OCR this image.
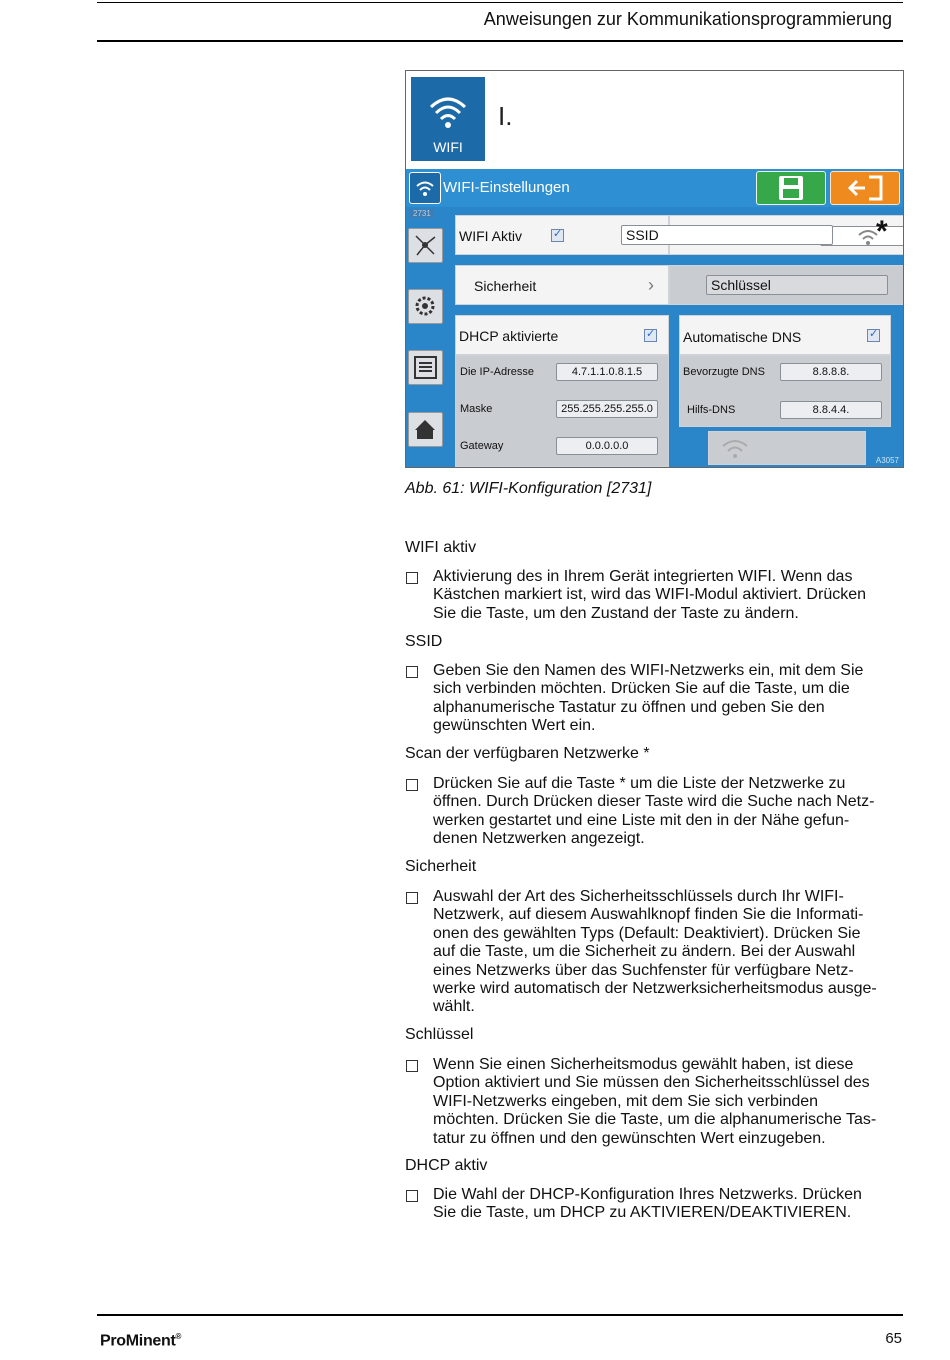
Anweisungen zur Kommunikationsprogrammierung
WIFI
I.
WIFI-Einstellungen
2731
WIFI Aktiv ✓	SSID	*
Sicherheit	›	Schlüssel
DHCP aktivierte ✓	Automatische DNS
✓
Die IP-Adresse	4.7.1.1.0.8.1.5
Maske	255.255.255.255.0
Gateway	0.0.0.0.0
Bevorzugte DNS	8.8.8.8.
Hilfs-DNS	8.8.4.4.
A3057
Abb. 61: WIFI-Konfiguration [2731]
WIFI aktiv
Aktivierung des in Ihrem Gerät integrierten WIFI. Wenn das
Kästchen markiert ist, wird das WIFI-Modul aktiviert. Drücken
Sie die Taste, um den Zustand der Taste zu ändern.
SSID
Geben Sie den Namen des WIFI-Netzwerks ein, mit dem Sie
sich verbinden möchten. Drücken Sie auf die Taste, um die
alphanumerische Tastatur zu öffnen und geben Sie den
gewünschten Wert ein.
Scan der verfügbaren Netzwerke *
Drücken Sie auf die Taste * um die Liste der Netzwerke zu
öffnen. Durch Drücken dieser Taste wird die Suche nach Netz-
werken gestartet und eine Liste mit den in der Nähe gefun-
denen Netzwerken angezeigt.
Sicherheit
Auswahl der Art des Sicherheitsschlüssels durch Ihr WIFI-
Netzwerk, auf diesem Auswahlknopf finden Sie die Informati-
onen des gewählten Typs (Default: Deaktiviert). Drücken Sie
auf die Taste, um die Sicherheit zu ändern. Bei der Auswahl
eines Netzwerks über das Suchfenster für verfügbare Netz-
werke wird automatisch der Netzwerksicherheitsmodus ausge-
wählt.
Schlüssel
Wenn Sie einen Sicherheitsmodus gewählt haben, ist diese
Option aktiviert und Sie müssen den Sicherheitsschlüssel des
WIFI-Netzwerks eingeben, mit dem Sie sich verbinden
möchten. Drücken Sie die Taste, um die alphanumerische Tas-
tatur zu öffnen und den gewünschten Wert einzugeben.
DHCP aktiv
Die Wahl der DHCP-Konfiguration Ihres Netzwerks. Drücken
Sie die Taste, um DHCP zu AKTIVIEREN/DEAKTIVIEREN.
ProMinent®	65
